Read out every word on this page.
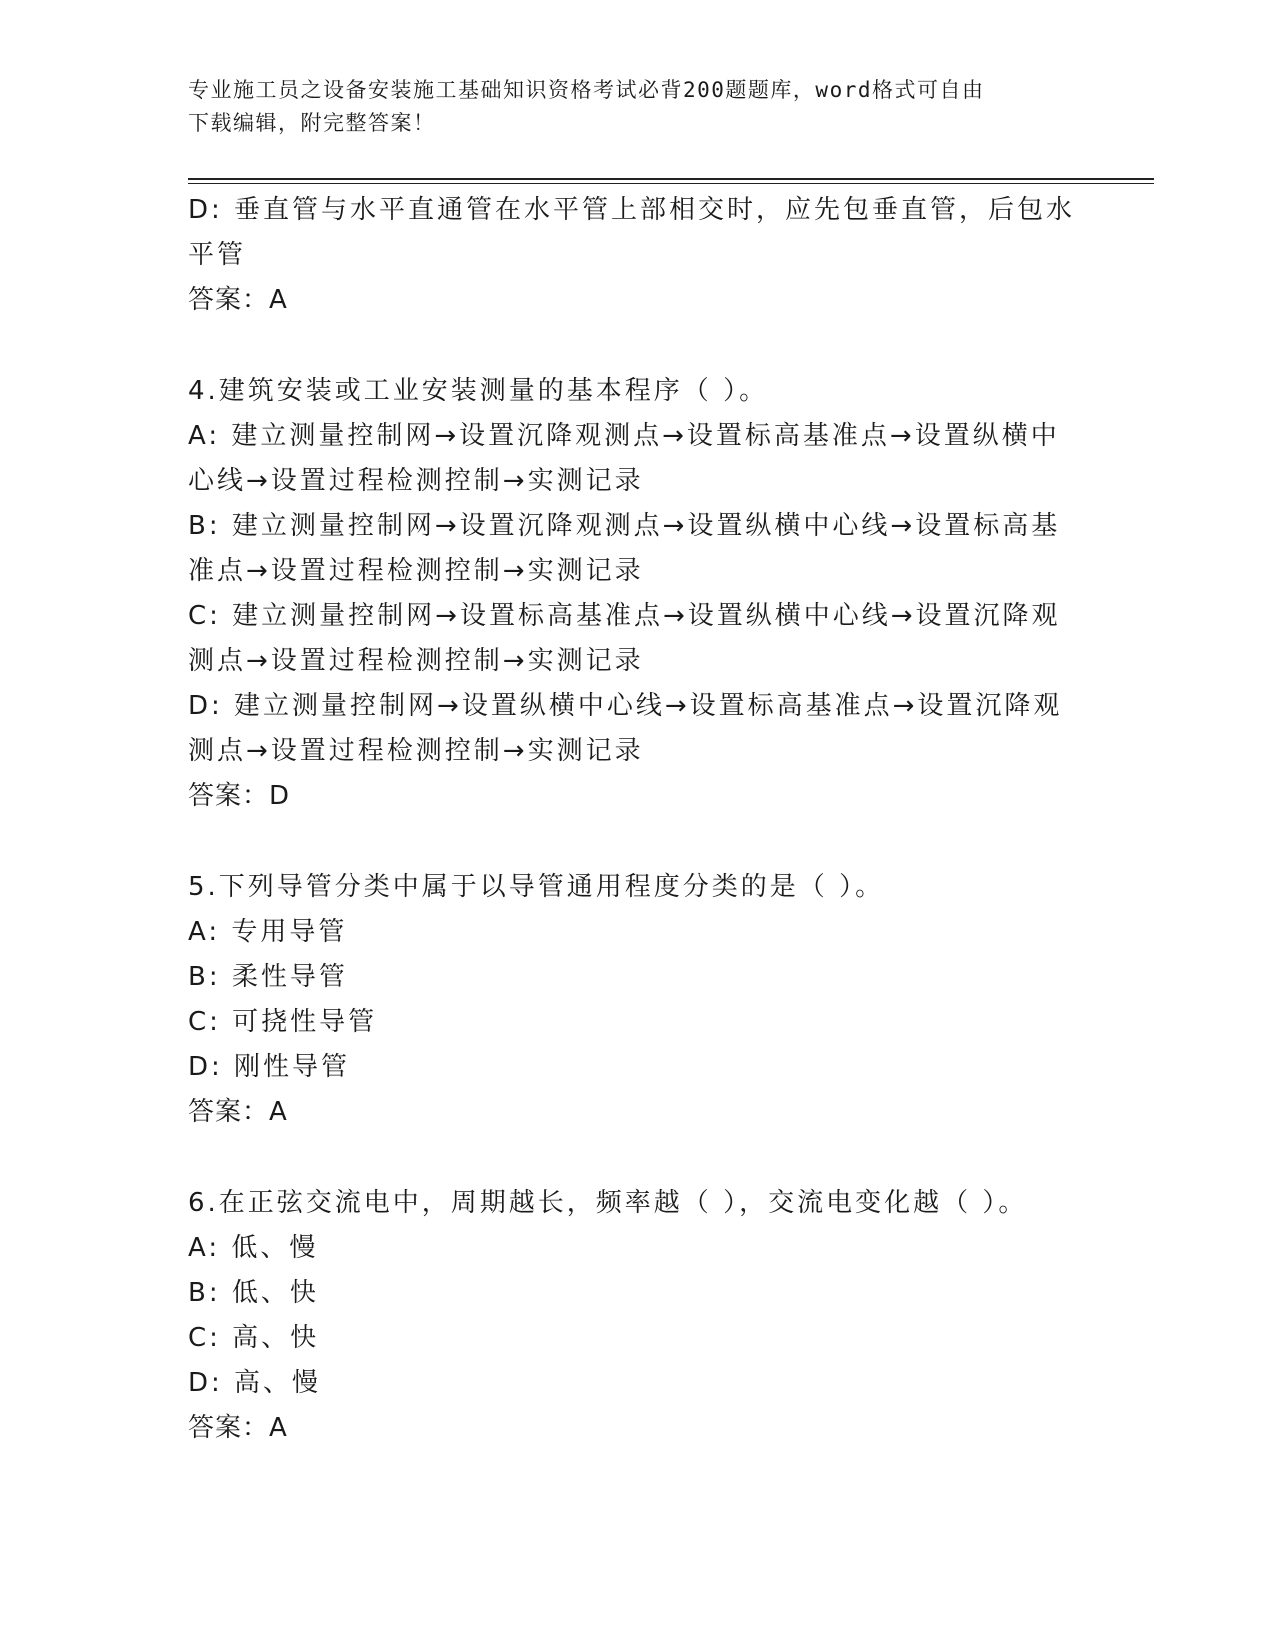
专业施工员之设备安装施工基础知识资格考试必背200题题库，word格式可自由
下载编辑，附完整答案！
D: 垂直管与水平直通管在水平管上部相交时，应先包垂直管，后包水
平管
答案：A
4.建筑安装或工业安装测量的基本程序（ ）。
A: 建立测量控制网→设置沉降观测点→设置标高基准点→设置纵横中
心线→设置过程检测控制→实测记录
B: 建立测量控制网→设置沉降观测点→设置纵横中心线→设置标高基
准点→设置过程检测控制→实测记录
C: 建立测量控制网→设置标高基准点→设置纵横中心线→设置沉降观
测点→设置过程检测控制→实测记录
D: 建立测量控制网→设置纵横中心线→设置标高基准点→设置沉降观
测点→设置过程检测控制→实测记录
答案：D
5.下列导管分类中属于以导管通用程度分类的是（ ）。
A: 专用导管
B: 柔性导管
C: 可挠性导管
D: 刚性导管
答案：A
6.在正弦交流电中，周期越长，频率越（ ），交流电变化越（ ）。
A: 低、慢
B: 低、快
C: 高、快
D: 高、慢
答案：A
